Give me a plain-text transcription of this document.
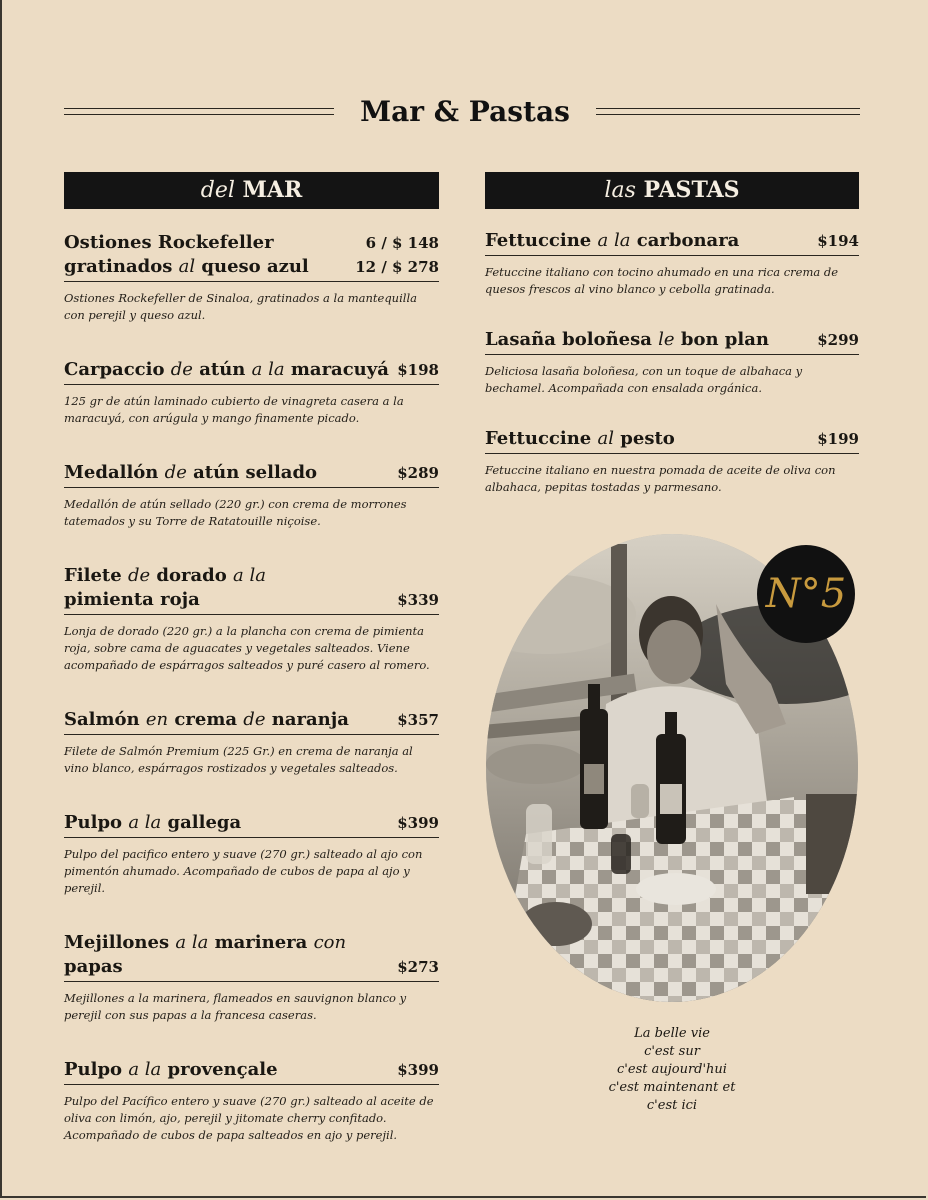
Mar & Pastas
del MAR
Ostiones Rockefeller
gratinados al queso azul
6 / $ 148
12 / $ 278
Ostiones Rockefeller de Sinaloa, gratinados a la mantequilla con perejil y queso azul.
Carpaccio de atún a la maracuyá $198
125 gr de atún laminado cubierto de vinagreta casera a la maracuyá, con arúgula y mango finamente picado.
Medallón de atún sellado	$289
Medallón de atún sellado (220 gr.) con crema de morrones tatemados y su Torre de Ratatouille niçoise.
Filete de dorado a la
pimienta roja	$339
Lonja de dorado (220 gr.) a la plancha con crema de pimienta roja, sobre cama de aguacates y vegetales salteados. Viene acompañado de espárragos salteados y puré casero al romero.
Salmón en crema de naranja	$357
Filete de Salmón Premium (225 Gr.) en crema de naranja al vino blanco, espárragos rostizados y vegetales salteados.
Pulpo a la gallega	$399
Pulpo del pacifico entero y suave (270 gr.) salteado al ajo con pimentón ahumado. Acompañado de cubos de papa al ajo y perejil.
Mejillones a la marinera con papas	$273
Mejillones a la marinera, flameados en sauvignon blanco y perejil con sus papas a la francesa caseras.
Pulpo a la provençale	$399
Pulpo del Pacífico entero y suave (270 gr.) salteado al aceite de oliva con limón, ajo, perejil y jitomate cherry confitado. Acompañado de cubos de papa salteados en ajo y perejil.
las PASTAS
Fettuccine a la carbonara	$194
Fetuccine italiano con tocino ahumado en una rica crema de quesos frescos al vino blanco y cebolla gratinada.
Lasaña boloñesa le bon plan	$299
Deliciosa lasaña boloñesa, con un toque de albahaca y bechamel. Acompañada con ensalada orgánica.
Fettuccine al pesto	$199
Fetuccine italiano en nuestra pomada de aceite de oliva con albahaca, pepitas tostadas y parmesano.
N°5
La belle vie
c'est sur
c'est aujourd'hui
c'est maintenant et
c'est ici
